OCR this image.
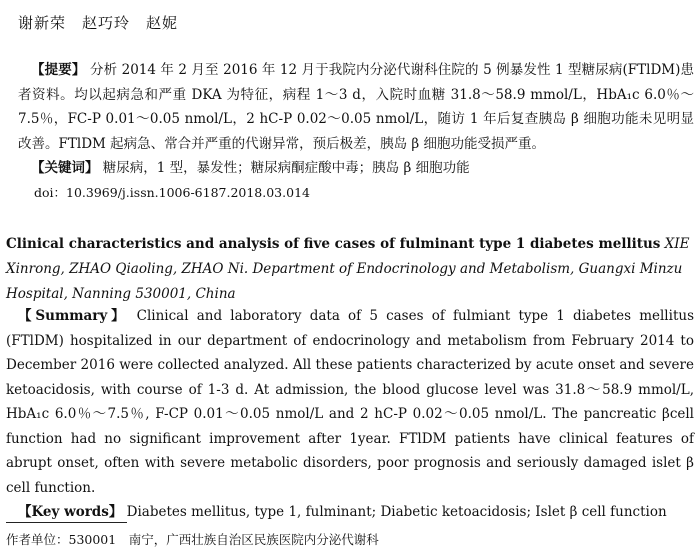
谢新荣　赵巧玲　赵妮

【提要】 分析 2014 年 2 月至 2016 年 12 月于我院内分泌代谢科住院的 5 例暴发性 1 型糖尿病(FTlDM)患者资料。均以起病急和严重 DKA 为特征，病程 1～3 d，入院时血糖 31.8～58.9 mmol/L，HbA₁c 6.0％～7.5％，FC-P 0.01～0.05 nmol/L，2 hC-P 0.02～0.05 nmol/L，随访 1 年后复查胰岛 β 细胞功能未见明显改善。FTlDM 起病急、常合并严重的代谢异常，预后极差，胰岛 β 细胞功能受损严重。

【关键词】 糖尿病，1 型，暴发性；糖尿病酮症酸中毒；胰岛 β 细胞功能

doi：10.3969/j.issn.1006-6187.2018.03.014

Clinical characteristics and analysis of five cases of fulminant type 1 diabetes mellitus XIE Xinrong, ZHAO Qiaoling, ZHAO Ni. Department of Endocrinology and Metabolism, Guangxi Minzu Hospital, Nanning 530001, China

【Summary】 Clinical and laboratory data of 5 cases of fulmiant type 1 diabetes mellitus (FTlDM) hospitalized in our department of endocrinology and metabolism from February 2014 to December 2016 were collected analyzed. All these patients characterized by acute onset and severe ketoacidosis, with course of 1-3 d. At admission, the blood glucose level was 31.8～58.9 mmol/L, HbA₁c 6.0％～7.5％, F-CP 0.01～0.05 nmol/L and 2 hC-P 0.02～0.05 nmol/L. The pancreatic βcell function had no significant improvement after 1year. FTlDM patients have clinical features of abrupt onset, often with severe metabolic disorders, poor prognosis and seriously damaged islet β cell function.

【Key words】 Diabetes mellitus, type 1, fulminant; Diabetic ketoacidosis; Islet β cell function

作者单位：530001　南宁，广西壮族自治区民族医院内分泌代谢科
